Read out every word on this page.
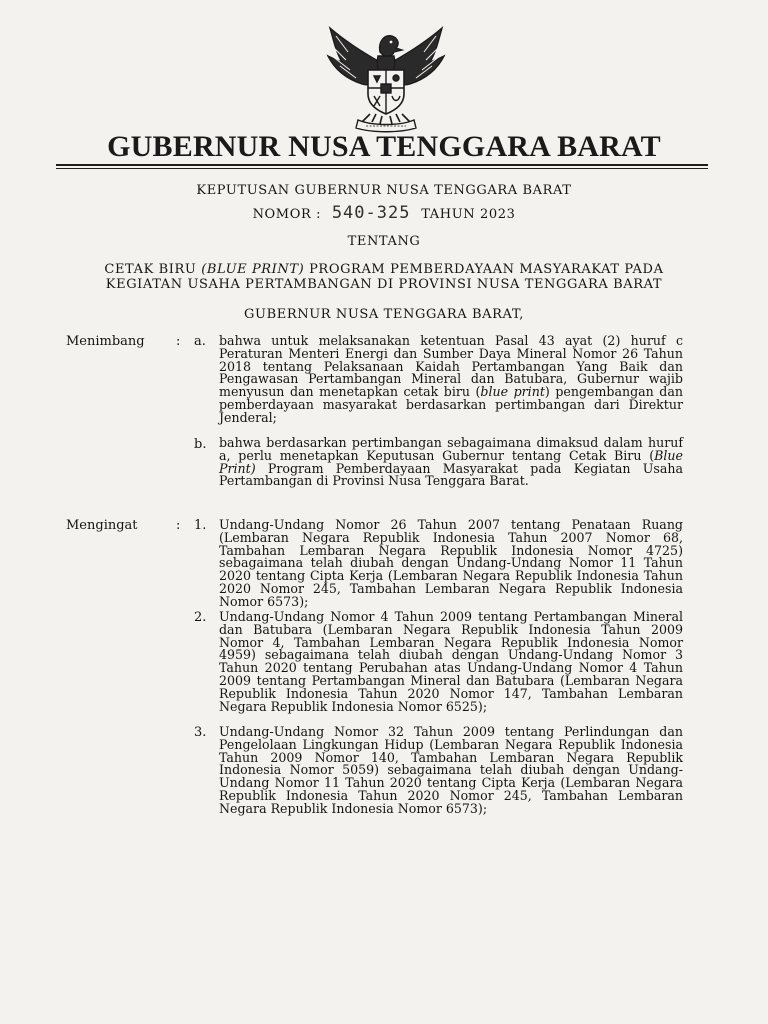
GUBERNUR NUSA TENGGARA BARAT
KEPUTUSAN GUBERNUR NUSA TENGGARA BARAT
NOMOR : 540-325 TAHUN 2023
TENTANG
CETAK BIRU (BLUE PRINT) PROGRAM PEMBERDAYAAN MASYARAKAT PADA
KEGIATAN USAHA PERTAMBANGAN DI PROVINSI NUSA TENGGARA BARAT
GUBERNUR NUSA TENGGARA BARAT,
Menimbang : a. bahwa untuk melaksanakan ketentuan Pasal 43 ayat (2) huruf c Peraturan Menteri Energi dan Sumber Daya Mineral Nomor 26 Tahun 2018 tentang Pelaksanaan Kaidah Pertambangan Yang Baik dan Pengawasan Pertambangan Mineral dan Batubara, Gubernur wajib menyusun dan menetapkan cetak biru (blue print) pengembangan dan pemberdayaan masyarakat berdasarkan pertimbangan dari Direktur Jenderal;
b. bahwa berdasarkan pertimbangan sebagaimana dimaksud dalam huruf a, perlu menetapkan Keputusan Gubernur tentang Cetak Biru (Blue Print) Program Pemberdayaan Masyarakat pada Kegiatan Usaha Pertambangan di Provinsi Nusa Tenggara Barat.
Mengingat	: 1. Undang-Undang Nomor 26 Tahun 2007 tentang Penataan Ruang (Lembaran Negara Republik Indonesia Tahun 2007 Nomor 68, Tambahan Lembaran Negara Republik Indonesia Nomor 4725) sebagaimana telah diubah dengan Undang-Undang Nomor 11 Tahun 2020 tentang Cipta Kerja (Lembaran Negara Republik Indonesia Tahun 2020 Nomor 245, Tambahan Lembaran Negara Republik Indonesia Nomor 6573);
2. Undang-Undang Nomor 4 Tahun 2009 tentang Pertambangan Mineral dan Batubara (Lembaran Negara Republik Indonesia Tahun 2009 Nomor 4, Tambahan Lembaran Negara Republik Indonesia Nomor 4959) sebagaimana telah diubah dengan Undang-Undang Nomor 3 Tahun 2020 tentang Perubahan atas Undang-Undang Nomor 4 Tahun 2009 tentang Pertambangan Mineral dan Batubara (Lembaran Negara Republik Indonesia Tahun 2020 Nomor 147, Tambahan Lembaran Negara Republik Indonesia Nomor 6525);
3. Undang-Undang Nomor 32 Tahun 2009 tentang Perlindungan dan Pengelolaan Lingkungan Hidup (Lembaran Negara Republik Indonesia Tahun 2009 Nomor 140, Tambahan Lembaran Negara Republik Indonesia Nomor 5059) sebagaimana telah diubah dengan Undang-Undang Nomor 11 Tahun 2020 tentang Cipta Kerja (Lembaran Negara Republik Indonesia Tahun 2020 Nomor 245, Tambahan Lembaran Negara Republik Indonesia Nomor 6573);
